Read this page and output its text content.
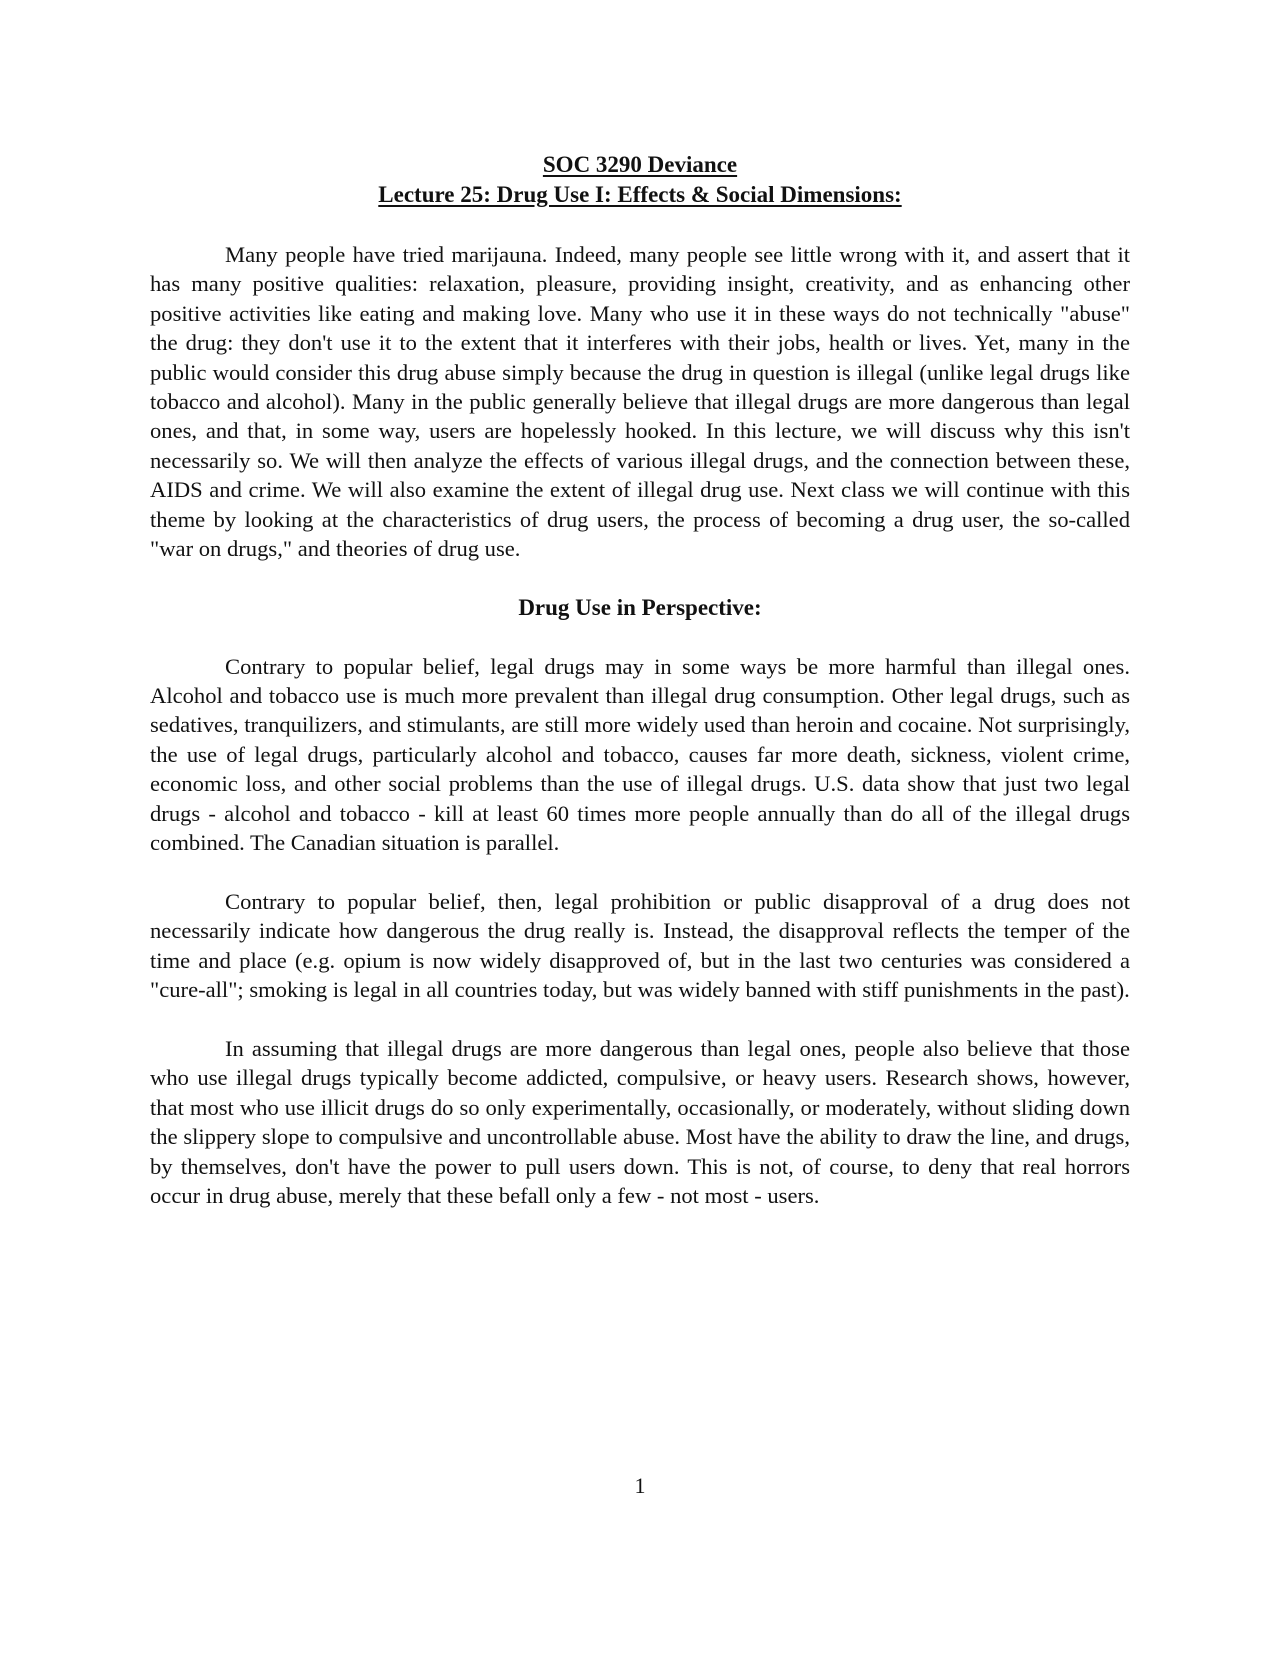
SOC 3290 Deviance
Lecture 25: Drug Use I: Effects & Social Dimensions:

Many people have tried marijauna. Indeed, many people see little wrong with it, and assert that it has many positive qualities: relaxation, pleasure, providing insight, creativity, and as enhancing other positive activities like eating and making love. Many who use it in these ways do not technically "abuse" the drug: they don't use it to the extent that it interferes with their jobs, health or lives. Yet, many in the public would consider this drug abuse simply because the drug in question is illegal (unlike legal drugs like tobacco and alcohol). Many in the public generally believe that illegal drugs are more dangerous than legal ones, and that, in some way, users are hopelessly hooked. In this lecture, we will discuss why this isn't necessarily so. We will then analyze the effects of various illegal drugs, and the connection between these, AIDS and crime. We will also examine the extent of illegal drug use. Next class we will continue with this theme by looking at the characteristics of drug users, the process of becoming a drug user, the so-called "war on drugs," and theories of drug use.

Drug Use in Perspective:

Contrary to popular belief, legal drugs may in some ways be more harmful than illegal ones. Alcohol and tobacco use is much more prevalent than illegal drug consumption. Other legal drugs, such as sedatives, tranquilizers, and stimulants, are still more widely used than heroin and cocaine. Not surprisingly, the use of legal drugs, particularly alcohol and tobacco, causes far more death, sickness, violent crime, economic loss, and other social problems than the use of illegal drugs. U.S. data show that just two legal drugs - alcohol and tobacco - kill at least 60 times more people annually than do all of the illegal drugs combined. The Canadian situation is parallel.

Contrary to popular belief, then, legal prohibition or public disapproval of a drug does not necessarily indicate how dangerous the drug really is. Instead, the disapproval reflects the temper of the time and place (e.g. opium is now widely disapproved of, but in the last two centuries was considered a "cure-all"; smoking is legal in all countries today, but was widely banned with stiff punishments in the past).

In assuming that illegal drugs are more dangerous than legal ones, people also believe that those who use illegal drugs typically become addicted, compulsive, or heavy users. Research shows, however, that most who use illicit drugs do so only experimentally, occasionally, or moderately, without sliding down the slippery slope to compulsive and uncontrollable abuse. Most have the ability to draw the line, and drugs, by themselves, don't have the power to pull users down. This is not, of course, to deny that real horrors occur in drug abuse, merely that these befall only a few - not most - users.

1
